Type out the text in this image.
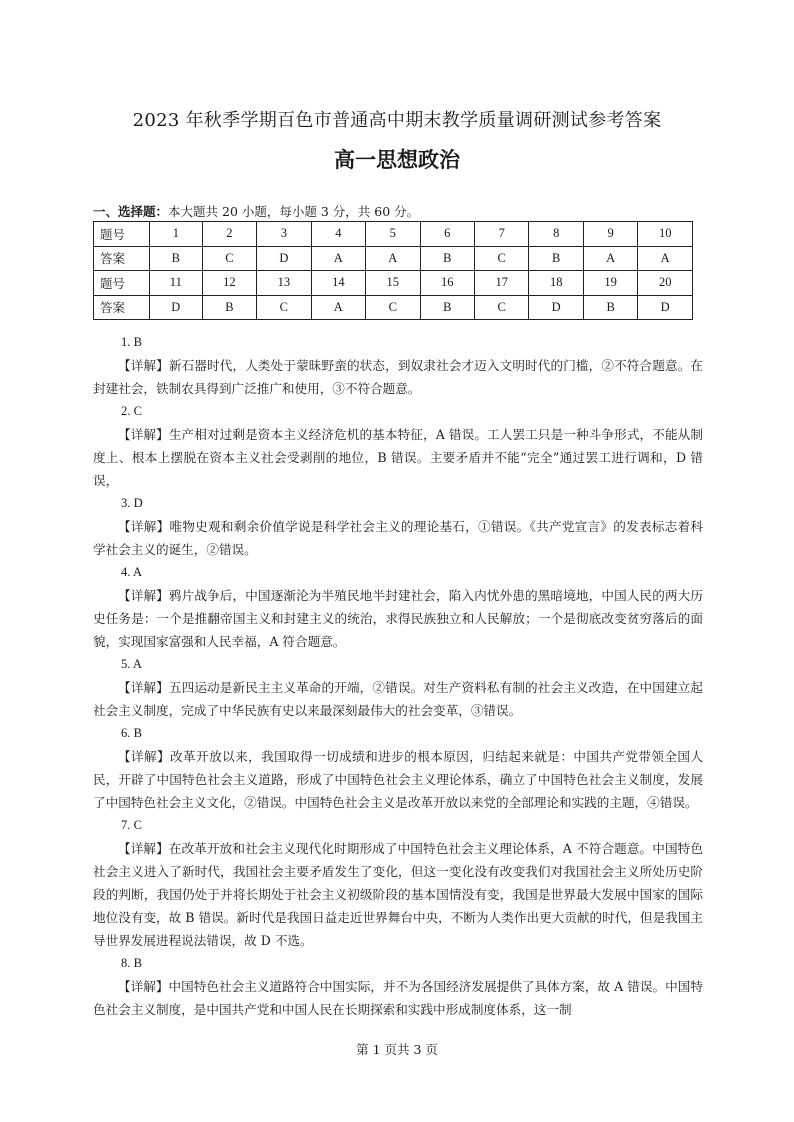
2023 年秋季学期百色市普通高中期末教学质量调研测试参考答案
高一思想政治
一、选择题：本大题共 20 小题，每小题 3 分，共 60 分。
题号	1	2	3	4	5	6	7	8	9	10
答案	B	C	D	A	A	B	C	B	A	A
题号	11	12	13	14	15	16	17	18	19	20
答案	D	B	C	A	C	B	C	D	B	D
1. B
【详解】新石器时代，人类处于蒙昧野蛮的状态，到奴隶社会才迈入文明时代的门槛，②不符合题意。在封建社会，铁制农具得到广泛推广和使用，③不符合题意。
2. C
【详解】生产相对过剩是资本主义经济危机的基本特征，A 错误。工人罢工只是一种斗争形式，不能从制度上、根本上摆脱在资本主义社会受剥削的地位，B 错误。主要矛盾并不能“完全”通过罢工进行调和，D 错误，
3. D
【详解】唯物史观和剩余价值学说是科学社会主义的理论基石，①错误。《共产党宣言》的发表标志着科学社会主义的诞生，②错误。
4. A
【详解】鸦片战争后，中国逐渐沦为半殖民地半封建社会，陷入内忧外患的黑暗境地，中国人民的两大历史任务是：一个是推翻帝国主义和封建主义的统治，求得民族独立和人民解放；一个是彻底改变贫穷落后的面貌，实现国家富强和人民幸福，A 符合题意。
5. A
【详解】五四运动是新民主主义革命的开端，②错误。对生产资料私有制的社会主义改造，在中国建立起社会主义制度，完成了中华民族有史以来最深刻最伟大的社会变革，③错误。
6. B
【详解】改革开放以来，我国取得一切成绩和进步的根本原因，归结起来就是：中国共产党带领全国人民，开辟了中国特色社会主义道路，形成了中国特色社会主义理论体系，确立了中国特色社会主义制度，发展了中国特色社会主义文化，②错误。中国特色社会主义是改革开放以来党的全部理论和实践的主题，④错误。
7. C
【详解】在改革开放和社会主义现代化时期形成了中国特色社会主义理论体系，A 不符合题意。中国特色社会主义进入了新时代，我国社会主要矛盾发生了变化，但这一变化没有改变我们对我国社会主义所处历史阶段的判断，我国仍处于并将长期处于社会主义初级阶段的基本国情没有变，我国是世界最大发展中国家的国际地位没有变，故 B 错误。新时代是我国日益走近世界舞台中央，不断为人类作出更大贡献的时代，但是我国主导世界发展进程说法错误，故 D 不选。
8. B
【详解】中国特色社会主义道路符合中国实际，并不为各国经济发展提供了具体方案，故 A 错误。中国特色社会主义制度，是中国共产党和中国人民在长期探索和实践中形成制度体系，这一制
第 1 页共 3 页
